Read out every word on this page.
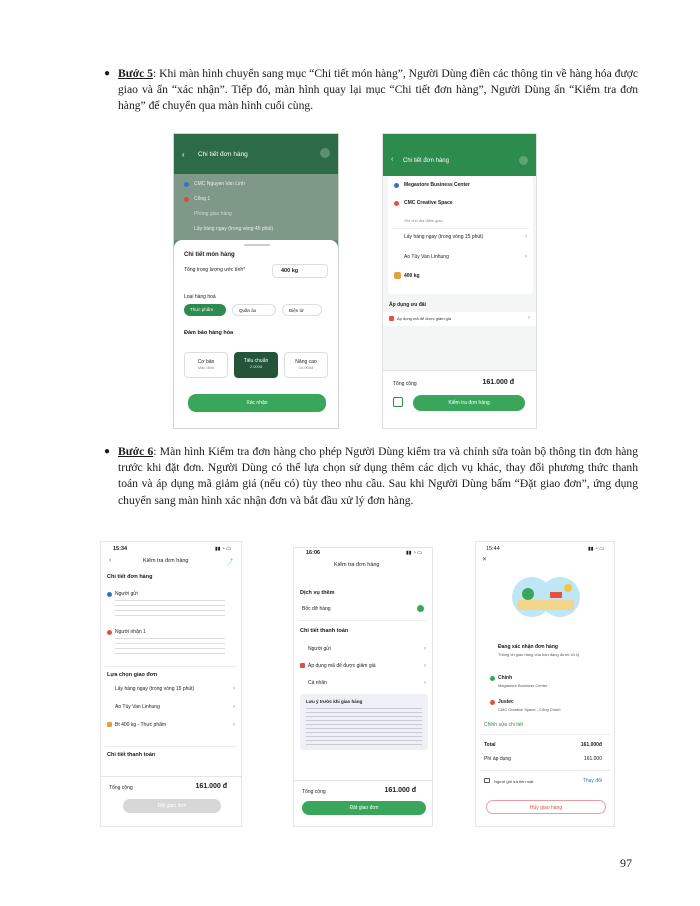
● Bước 5: Khi màn hình chuyển sang mục “Chi tiết món hàng”, Người Dùng điền các thông tin về hàng hóa được giao và ấn “xác nhận”. Tiếp đó, màn hình quay lại mục “Chi tiết đơn hàng”, Người Dùng ấn “Kiểm tra đơn hàng” để chuyển qua màn hình cuối cùng.

‹ Chi tiết đơn hàng
CMC Nguyen Van Linh
Cổng 1
Phòng giao hàng
Lấy hàng ngay (trong vòng 45 phút)
Chi tiết món hàng
Tổng trọng lượng ước tính*	400 kg
Loại hàng hoá
Thực phẩm	Quần áo	Điện tử
Đảm bảo hàng hóa
Cơ bản
Mặc định
Tiêu chuẩn
2.000đ
Nâng cao
10.000đ
Xác nhận
‹ Chi tiết đơn hàng
Megastore Business Center
CMC Creative Space
Ghi chú địa điểm giao
Lấy hàng ngay (trong vòng 15 phút)	›
Ao Tùy Van Linhung	›
400 kg
Áp dụng ưu đãi
Áp dụng mã để được giảm giá	›
Tổng cộng	161.000 đ
Kiểm tra đơn hàng
● Bước 6: Màn hình Kiểm tra đơn hàng cho phép Người Dùng kiểm tra và chỉnh sửa toàn bộ thông tin đơn hàng trước khi đặt đơn. Người Dùng có thể lựa chọn sử dụng thêm các dịch vụ khác, thay đổi phương thức thanh toán và áp dụng mã giảm giá (nếu có) tùy theo nhu cầu. Sau khi Người Dùng bấm “Đặt giao đơn”, ứng dụng chuyển sang màn hình xác nhận đơn và bắt đầu xử lý đơn hàng.

15:34	▮▮ ◔ ▭
‹	Kiểm tra đơn hàng	⤴
Chi tiết đơn hàng
Người gửi
Người nhận 1
Lựa chọn giao đơn
Lấy hàng ngay (trong vòng 15 phút)	›
Ao Tùy Van Linhung	›
Bt 400 kg - Thực phẩm	›
Chi tiết thanh toán
Tổng cộng	161.000 đ
Đặt giao đơn
16:06	▮▮ ◔ ▭
Kiểm tra đơn hàng
Dịch vụ thêm
Bốc dỡ hàng
Chi tiết thanh toán
Người gửi	›
Áp dụng mã để được giảm giá	›
Cá nhân	›
Lưu ý trước khi giao hàng
Tổng cộng	161.000 đ
Đặt giao đơn
15:44	▮▮ ◔ ▭
✕
Đang xác nhận đơn hàng
Thông tin giao hàng của bạn đang được xử lý
Chính
Megastore Business Center
Justec
CMC Creative Space - Cổng Chính
Chỉnh sửa chi tiết
Total	161.000đ
Phí áp dụng	161.000
Người gửi trả tiền mặt	Thay đổi
Hủy giao hàng
97
